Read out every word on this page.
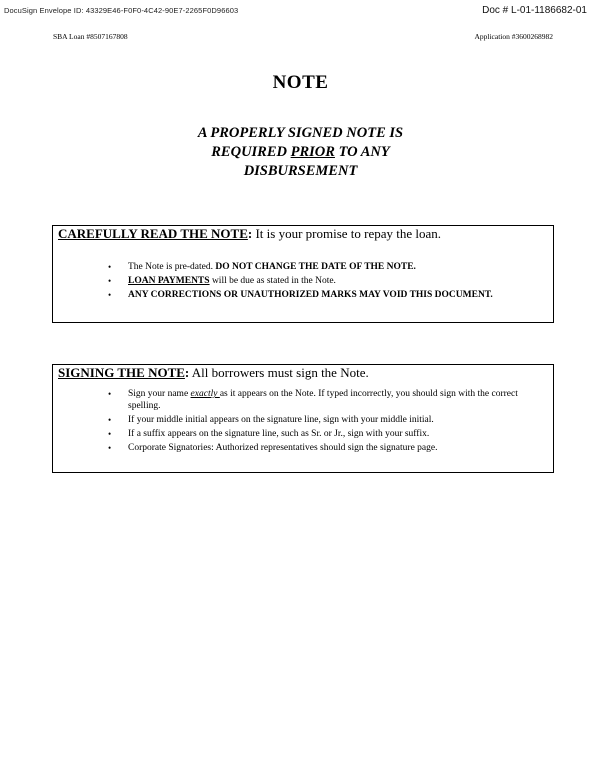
DocuSign Envelope ID: 43329E46-F0F0-4C42-90E7-2265F0D96603	Doc # L-01-1186682-01
SBA Loan #8507167808	Application #3600268982
NOTE
A PROPERLY SIGNED NOTE IS
REQUIRED PRIOR TO ANY
DISBURSEMENT
CAREFULLY READ THE NOTE: It is your promise to repay the loan.
• The Note is pre-dated. DO NOT CHANGE THE DATE OF THE NOTE.
• LOAN PAYMENTS will be due as stated in the Note.
• ANY CORRECTIONS OR UNAUTHORIZED MARKS MAY VOID THIS DOCUMENT.
SIGNING THE NOTE: All borrowers must sign the Note.
• Sign your name exactly as it appears on the Note. If typed incorrectly, you should sign with the correct spelling.
• If your middle initial appears on the signature line, sign with your middle initial.
• If a suffix appears on the signature line, such as Sr. or Jr., sign with your suffix.
• Corporate Signatories: Authorized representatives should sign the signature page.
